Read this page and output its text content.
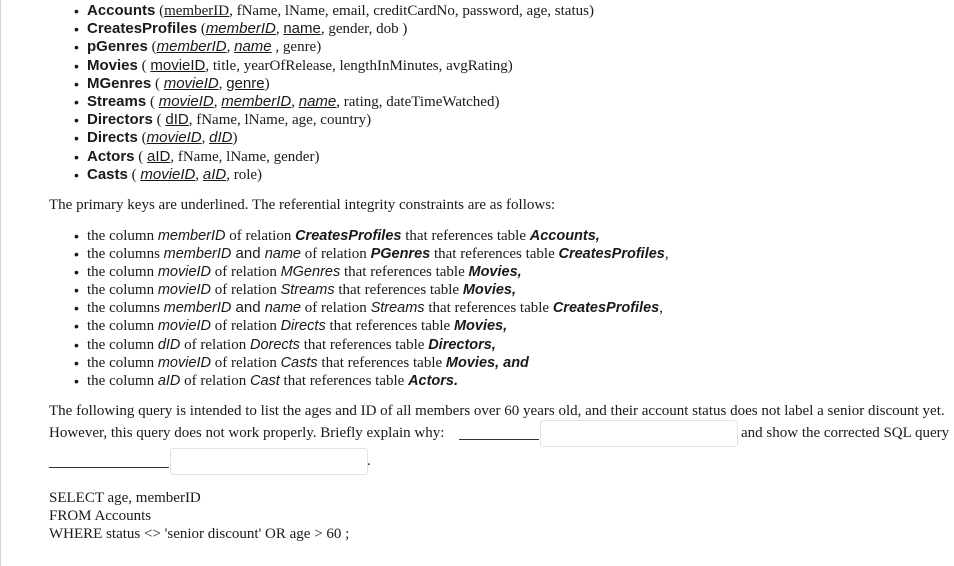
• Accounts (memberID, fName, lName, email, creditCardNo, password, age, status)
• CreatesProfiles (memberID, name, gender, dob )
• pGenres (memberID, name , genre)
• Movies ( movieID, title, yearOfRelease, lengthInMinutes, avgRating)
• MGenres ( movieID, genre)
• Streams ( movieID, memberID, name, rating, dateTimeWatched)
• Directors ( dID, fName, lName, age, country)
• Directs (movieID, dID)
• Actors ( aID, fName, lName, gender)
• Casts ( movieID, aID, role)
The primary keys are underlined. The referential integrity constraints are as follows:
• the column memberID of relation CreatesProfiles that references table Accounts,
• the columns memberID and name of relation PGenres that references table CreatesProfiles,
• the column movieID of relation MGenres that references table Movies,
• the column movieID of relation Streams that references table Movies,
• the columns memberID and name of relation Streams that references table CreatesProfiles,
• the column movieID of relation Directs that references table Movies,
• the column dID of relation Dorects that references table Directors,
• the column movieID of relation Casts that references table Movies, and
• the column aID of relation Cast that references table Actors.
The following query is intended to list the ages and ID of all members over 60 years old, and their account status does not label a senior discount yet.
However, this query does not work properly. Briefly explain why:	and show the corrected SQL query
.
SELECT age, memberID
FROM Accounts
WHERE status <> 'senior discount' OR age > 60 ;
